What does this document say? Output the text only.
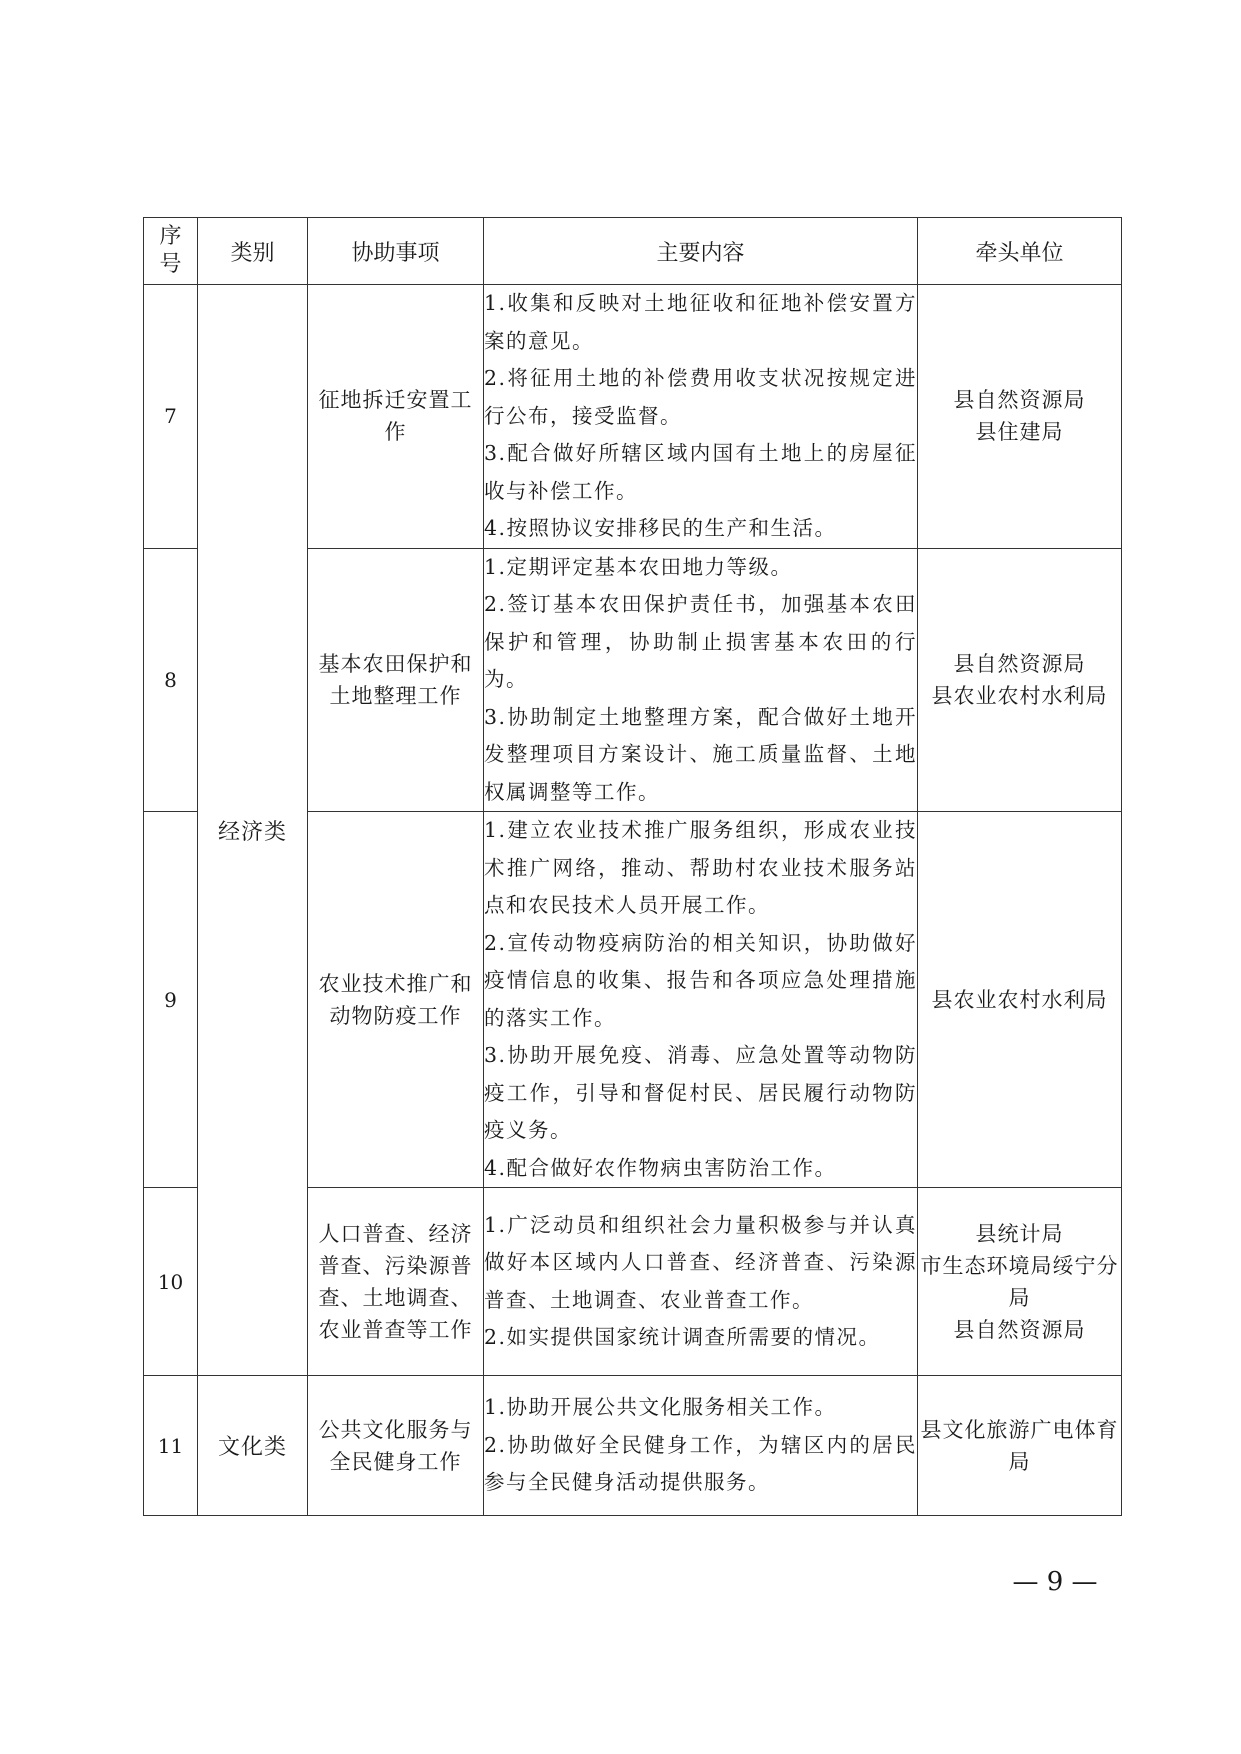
序号	类别	协助事项	主要内容	牵头单位
7	经济类	征地拆迁安置工作	1.收集和反映对土地征收和征地补偿安置方案的意见。
2.将征用土地的补偿费用收支状况按规定进行公布，接受监督。
3.配合做好所辖区域内国有土地上的房屋征收与补偿工作。
4.按照协议安排移民的生产和生活。	县自然资源局
县住建局

8		基本农田保护和土地整理工作	1.定期评定基本农田地力等级。
2.签订基本农田保护责任书，加强基本农田保护和管理，协助制止损害基本农田的行为。
3.协助制定土地整理方案，配合做好土地开发整理项目方案设计、施工质量监督、土地权属调整等工作。	县自然资源局
县农业农村水利局

9		农业技术推广和动物防疫工作	1.建立农业技术推广服务组织，形成农业技术推广网络，推动、帮助村农业技术服务站点和农民技术人员开展工作。
2.宣传动物疫病防治的相关知识，协助做好疫情信息的收集、报告和各项应急处理措施的落实工作。
3.协助开展免疫、消毒、应急处置等动物防疫工作，引导和督促村民、居民履行动物防疫义务。
4.配合做好农作物病虫害防治工作。	县农业农村水利局

10		人口普查、经济普查、污染源普查、土地调查、农业普查等工作	1.广泛动员和组织社会力量积极参与并认真做好本区域内人口普查、经济普查、污染源普查、土地调查、农业普查工作。
2.如实提供国家统计调查所需要的情况。	县统计局
市生态环境局绥宁分局
县自然资源局

11	文化类	公共文化服务与全民健身工作	1.协助开展公共文化服务相关工作。
2.协助做好全民健身工作，为辖区内的居民参与全民健身活动提供服务。	县文化旅游广电体育局
— 9 —
